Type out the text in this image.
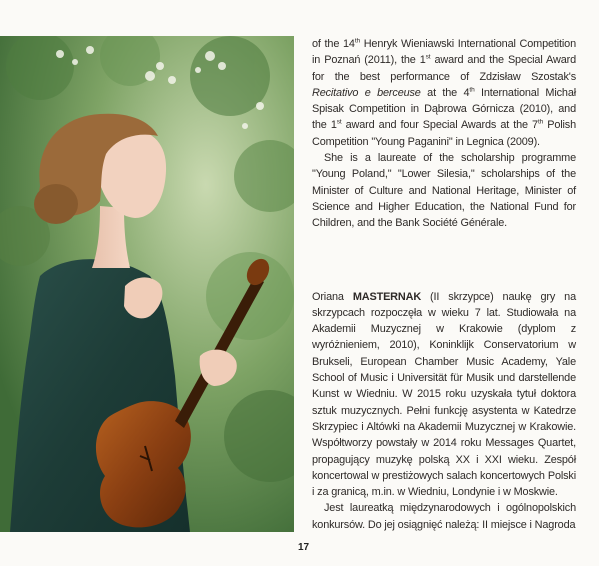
of the 14th Henryk Wieniawski International Competition in Poznań (2011), the 1st award and the Special Award for the best performance of Zdzisław Szostak's Recitativo e berceuse at the 4th International Michał Spisak Competition in Dąbrowa Górnicza (2010), and the 1st award and four Special Awards at the 7th Polish Competition "Young Paganini" in Legnica (2009).

She is a laureate of the scholarship programme "Young Poland," "Lower Silesia," scholarships of the Minister of Culture and National Heritage, Minister of Science and Higher Education, the National Fund for Children, and the Bank Société Générale.

Oriana MASTERNAK (II skrzypce) naukę gry na skrzypcach rozpoczęła w wieku 7 lat. Studiowała na Akademii Muzycznej w Krakowie (dyplom z wyróżnieniem, 2010), Koninklijk Conservatorium w Brukseli, European Chamber Music Academy, Yale School of Music i Universität für Musik und darstellende Kunst w Wiedniu. W 2015 roku uzyskała tytuł doktora sztuk muzycznych. Pełni funkcję asystenta w Katedrze Skrzypiec i Altówki na Akademii Muzycznej w Krakowie. Współtworzy powstały w 2014 roku Messages Quartet, propagujący muzykę polską XX i XXI wieku. Zespół koncertowal w prestiżowych salach koncertowych Polski i za granicą, m.in. w Wiedniu, Londynie i w Moskwie.

Jest laureatką międzynarodowych i ogólnopolskich konkursów. Do jej osiągnięć należą: II miejsce i Nagroda

17
